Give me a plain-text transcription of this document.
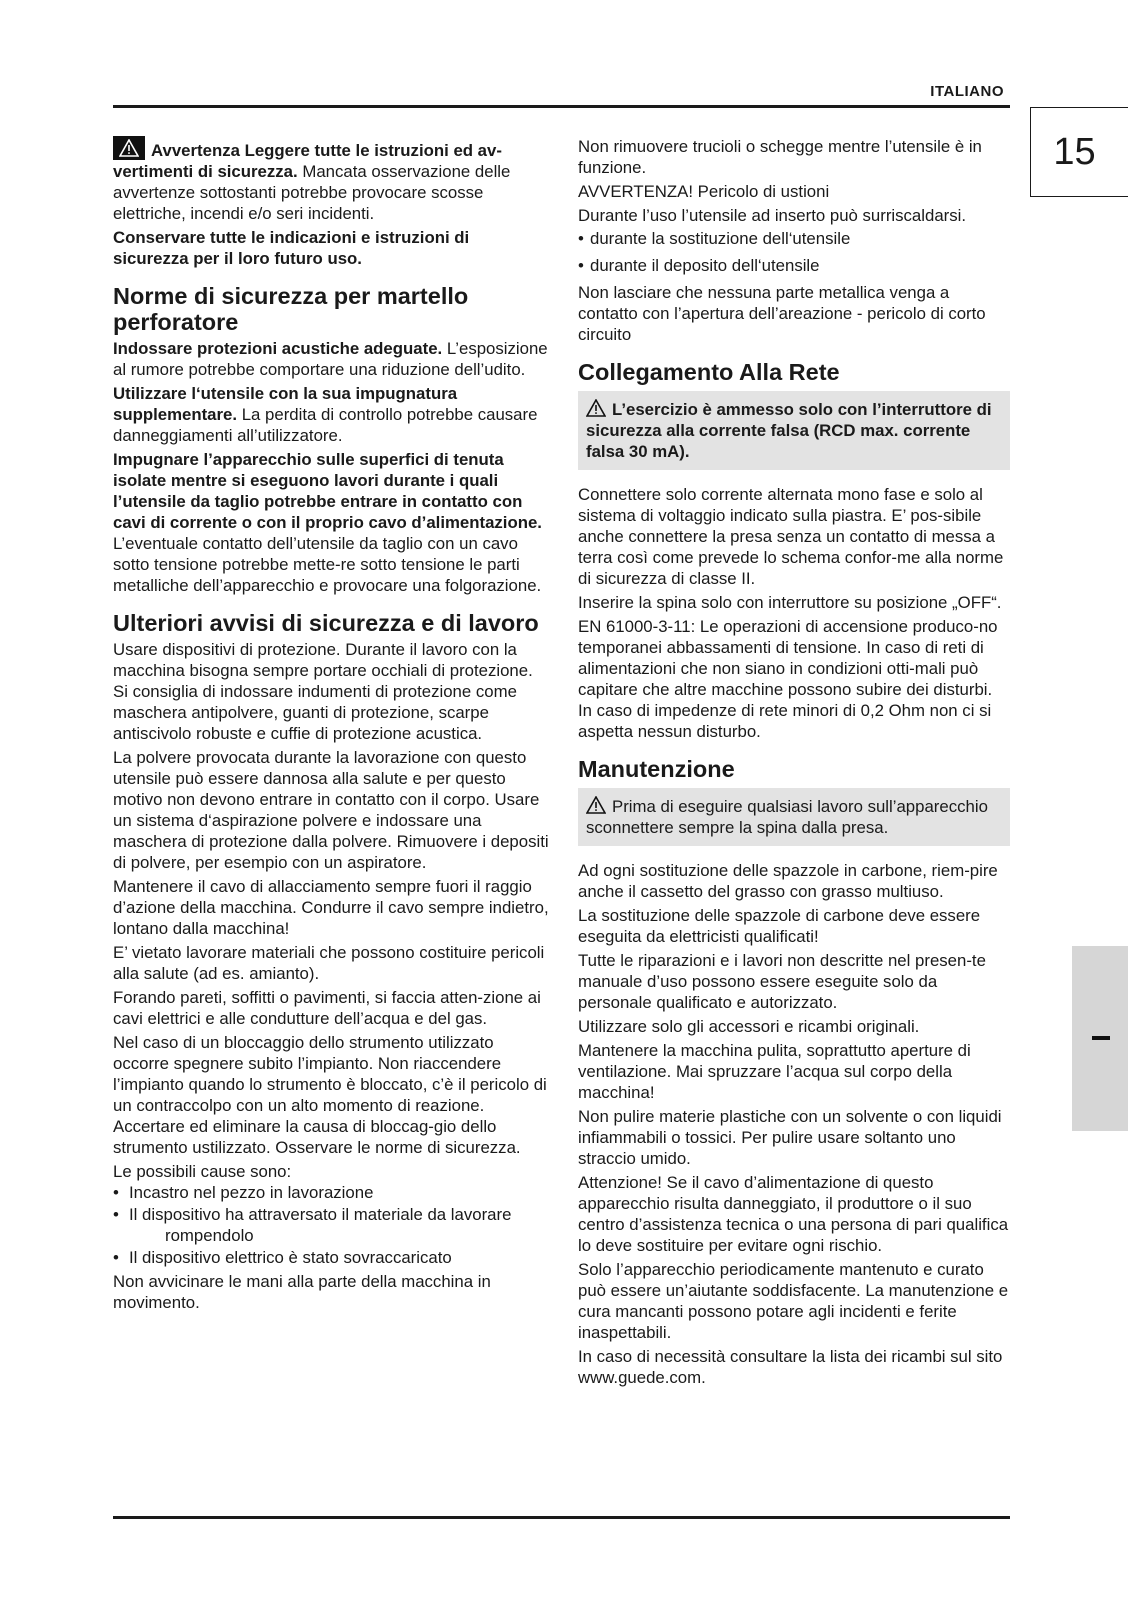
ITALIANO
15

Avvertenza Leggere tutte le istruzioni ed av-vertimenti di sicurezza. Mancata osservazione delle avvertenze sottostanti potrebbe provocare scosse elettriche, incendi e/o seri incidenti.

Conservare tutte le indicazioni e istruzioni di sicurezza per il loro futuro uso.

Norme di sicurezza per martello perforatore

Indossare protezioni acustiche adeguate. L’esposizione al rumore potrebbe comportare una riduzione dell’udito.

Utilizzare l‘utensile con la sua impugnatura supplementare. La perdita di controllo potrebbe causare danneggiamenti all’utilizzatore.

Impugnare l’apparecchio sulle superfici di tenuta isolate mentre si eseguono lavori durante i quali l’utensile da taglio potrebbe entrare in contatto con cavi di corrente o con il proprio cavo d’alimentazione. L’eventuale contatto dell’utensile da taglio con un cavo sotto tensione potrebbe mette-re sotto tensione le parti metalliche dell’apparecchio e provocare una folgorazione.

Ulteriori avvisi di sicurezza e di lavoro

Usare dispositivi di protezione. Durante il lavoro con la macchina bisogna sempre portare occhiali di protezione. Si consiglia di indossare indumenti di protezione come maschera antipolvere, guanti di protezione, scarpe antiscivolo robuste e cuffie di protezione acustica.

La polvere provocata durante la lavorazione con questo utensile può essere dannosa alla salute e per questo motivo non devono entrare in contatto con il corpo. Usare un sistema d‘aspirazione polvere e indossare una maschera di protezione dalla polvere. Rimuovere i depositi di polvere, per esempio con un aspiratore.

Mantenere il cavo di allacciamento sempre fuori il raggio d’azione della macchina. Condurre il cavo sempre indietro, lontano dalla macchina!

E’ vietato lavorare materiali che possono costituire pericoli alla salute (ad es. amianto).

Forando pareti, soffitti o pavimenti, si faccia atten-zione ai cavi elettrici e alle condutture dell’acqua e del gas.

Nel caso di un bloccaggio dello strumento utilizzato occorre spegnere subito l’impianto. Non riaccendere l’impianto quando lo strumento è bloccato, c’è il pericolo di un contraccolpo con un alto momento di reazione. Accertare ed eliminare la causa di bloccag-gio dello strumento ustilizzato. Osservare le norme di sicurezza.

Le possibili cause sono:

• Incastro nel pezzo in lavorazione
• Il dispositivo ha attraversato il materiale da lavorare
rompendolo
• Il dispositivo elettrico è stato sovraccaricato

Non avvicinare le mani alla parte della macchina in movimento.

Non rimuovere trucioli o schegge mentre l’utensile è in funzione.

AVVERTENZA! Pericolo di ustioni

Durante l’uso l’utensile ad inserto può surriscaldarsi.

• durante la sostituzione dell‘utensile
• durante il deposito dell‘utensile

Non lasciare che nessuna parte metallica venga a contatto con l’apertura dell’areazione - pericolo di corto circuito

Collegamento Alla Rete
L’esercizio è ammesso solo con l’interruttore di sicurezza alla corrente falsa (RCD max. corrente falsa 30 mA).

Connettere solo corrente alternata mono fase e solo al sistema di voltaggio indicato sulla piastra. E’ pos-sibile anche connettere la presa senza un contatto di messa a terra così come prevede lo schema confor-me alla norme di sicurezza di classe II.

Inserire la spina solo con interruttore su posizione „OFF“.

EN 61000-3-11: Le operazioni di accensione produco-no temporanei abbassamenti di tensione. In caso di reti di alimentazioni che non siano in condizioni otti-mali può capitare che altre macchine possono subire dei disturbi. In caso di impedenze di rete minori di 0,2 Ohm non ci si aspetta nessun disturbo.

Manutenzione
Prima di eseguire qualsiasi lavoro sull’apparecchio sconnettere sempre la spina dalla presa.

Ad ogni sostituzione delle spazzole in carbone, riem-pire anche il cassetto del grasso con grasso multiuso.

La sostituzione delle spazzole di carbone deve essere eseguita da elettricisti qualificati!

Tutte le riparazioni e i lavori non descritte nel presen-te manuale d’uso possono essere eseguite solo da personale qualificato e autorizzato.

Utilizzare solo gli accessori e ricambi originali.

Mantenere la macchina pulita, soprattutto aperture di ventilazione. Mai spruzzare l’acqua sul corpo della macchina!

Non pulire materie plastiche con un solvente o con liquidi infiammabili o tossici. Per pulire usare soltanto uno straccio umido.

Attenzione! Se il cavo d’alimentazione di questo apparecchio risulta danneggiato, il produttore o il suo centro d’assistenza tecnica o una persona di pari qualifica lo deve sostituire per evitare ogni rischio.

Solo l’apparecchio periodicamente mantenuto e curato può essere un’aiutante soddisfacente. La manutenzione e cura mancanti possono potare agli incidenti e ferite inaspettabili.

In caso di necessità consultare la lista dei ricambi sul sito www.guede.com.
